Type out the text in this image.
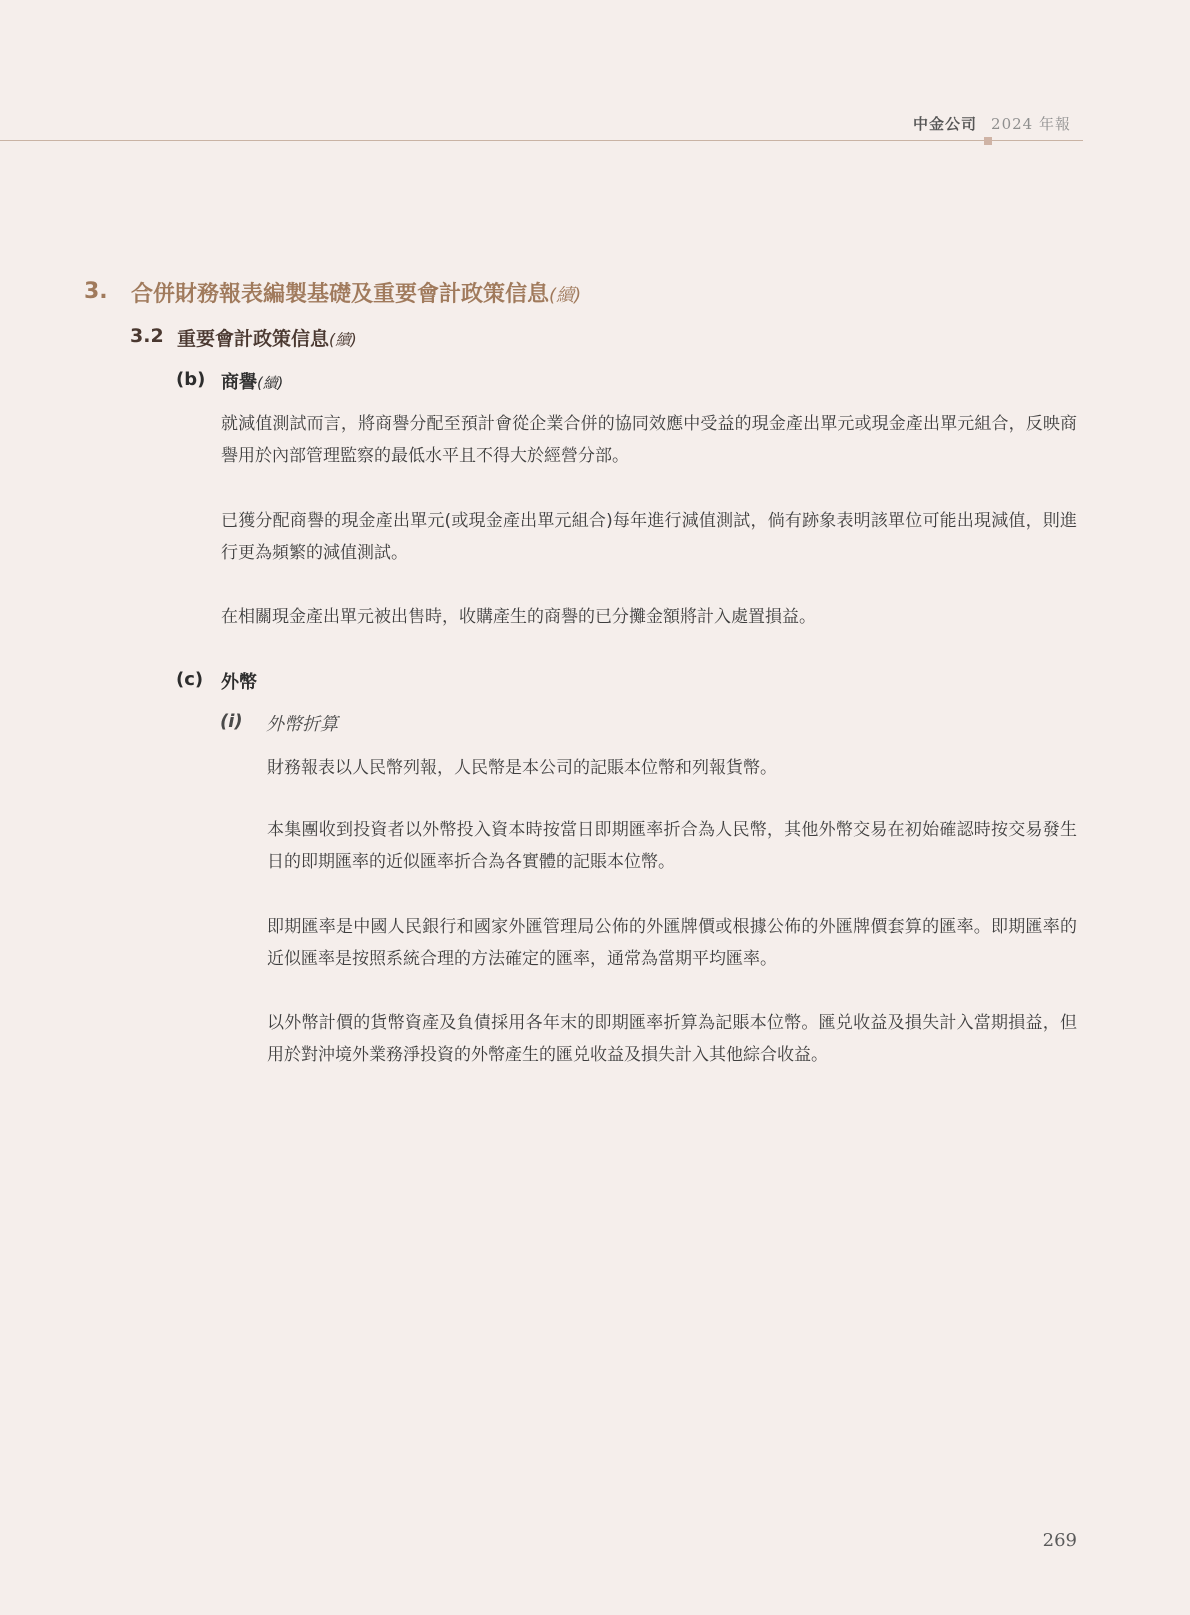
中金公司 2024 年報
3. 合併財務報表編製基礎及重要會計政策信息(續)
3.2 重要會計政策信息(續)
(b) 商譽(續)
就減值測試而言，將商譽分配至預計會從企業合併的協同效應中受益的現金產出單元或現金產出單元組合，反映商譽用於內部管理監察的最低水平且不得大於經營分部。
已獲分配商譽的現金產出單元(或現金產出單元組合)每年進行減值測試，倘有跡象表明該單位可能出現減值，則進行更為頻繁的減值測試。
在相關現金產出單元被出售時，收購產生的商譽的已分攤金額將計入處置損益。
(c) 外幣
(i) 外幣折算
財務報表以人民幣列報，人民幣是本公司的記賬本位幣和列報貨幣。
本集團收到投資者以外幣投入資本時按當日即期匯率折合為人民幣，其他外幣交易在初始確認時按交易發生日的即期匯率的近似匯率折合為各實體的記賬本位幣。
即期匯率是中國人民銀行和國家外匯管理局公佈的外匯牌價或根據公佈的外匯牌價套算的匯率。即期匯率的近似匯率是按照系統合理的方法確定的匯率，通常為當期平均匯率。
以外幣計價的貨幣資產及負債採用各年末的即期匯率折算為記賬本位幣。匯兑收益及損失計入當期損益，但用於對沖境外業務淨投資的外幣產生的匯兑收益及損失計入其他綜合收益。
269
